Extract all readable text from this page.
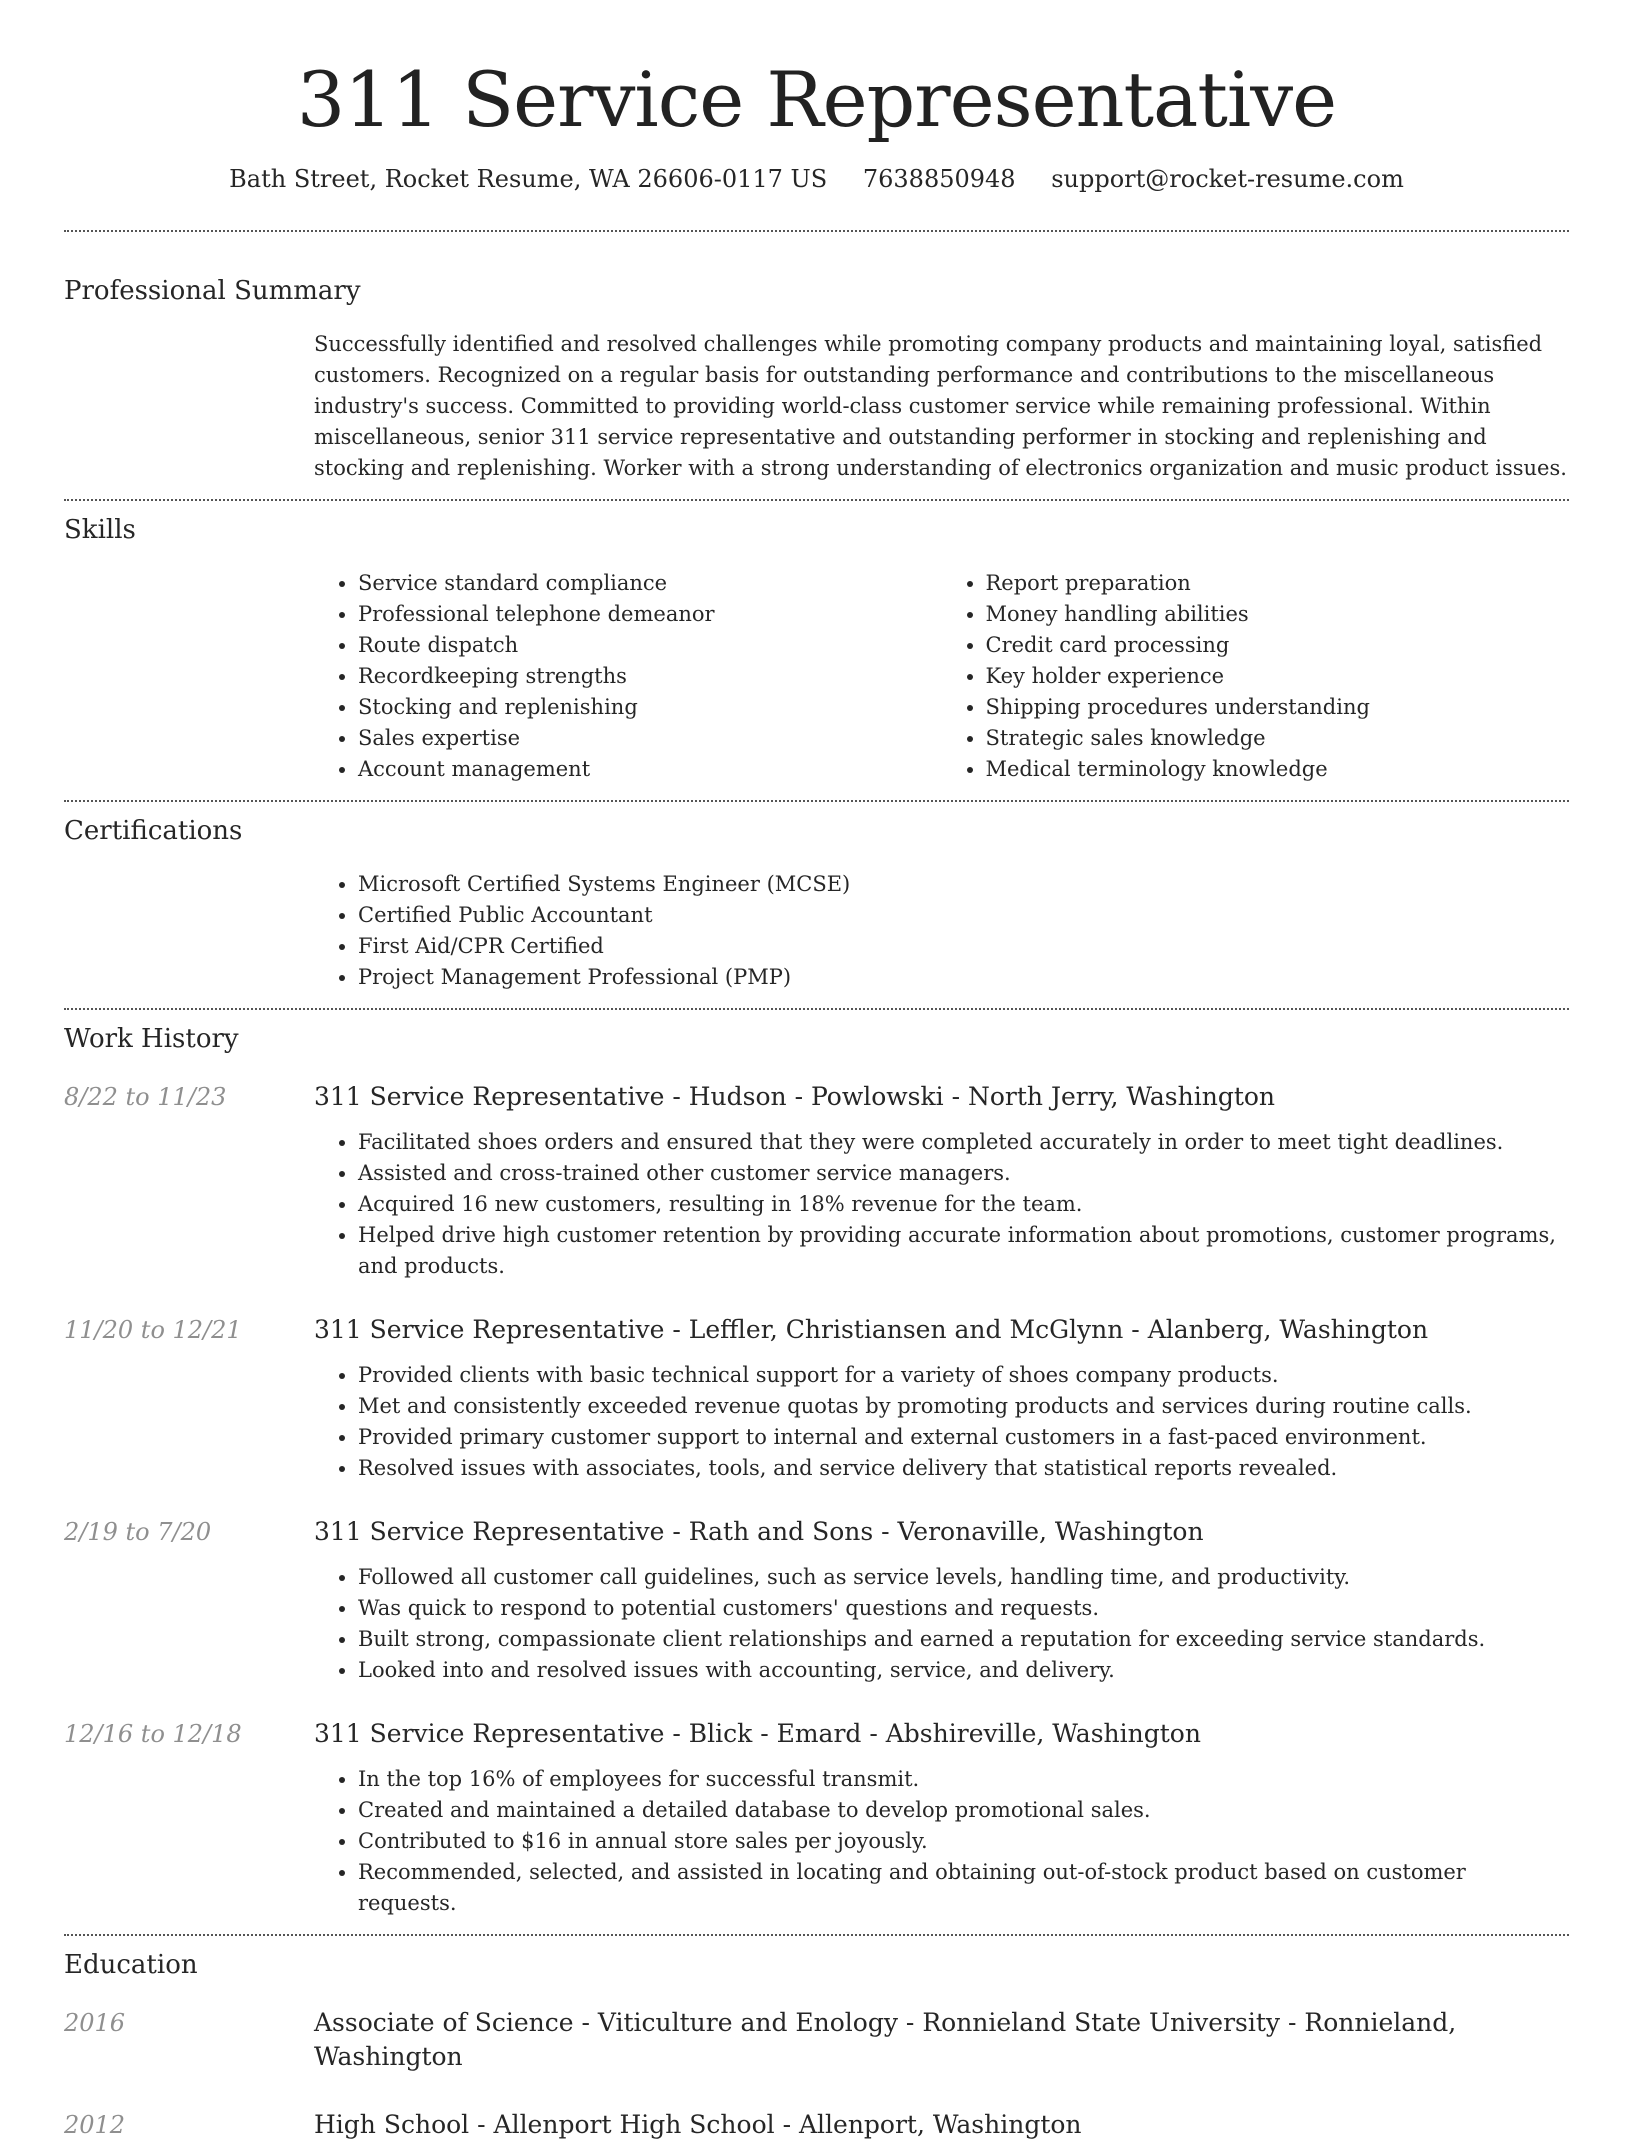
311 Service Representative
Bath Street, Rocket Resume, WA 26606-0117 US 7638850948 support@rocket-resume.com
Professional Summary

Successfully identified and resolved challenges while promoting company products and maintaining loyal, satisfied customers. Recognized on a regular basis for outstanding performance and contributions to the miscellaneous industry's success. Committed to providing world-class customer service while remaining professional. Within miscellaneous, senior 311 service representative and outstanding performer in stocking and replenishing and stocking and replenishing. Worker with a strong understanding of electronics organization and music product issues.

Skills
• Service standard compliance
• Professional telephone demeanor
• Route dispatch
• Recordkeeping strengths
• Stocking and replenishing
• Sales expertise
• Account management
• Report preparation
• Money handling abilities
• Credit card processing
• Key holder experience
• Shipping procedures understanding
• Strategic sales knowledge
• Medical terminology knowledge
Certifications
• Microsoft Certified Systems Engineer (MCSE)
• Certified Public Accountant
• First Aid/CPR Certified
• Project Management Professional (PMP)
Work History
8/22 to 11/23	311 Service Representative - Hudson - Powlowski - North Jerry, Washington
• Facilitated shoes orders and ensured that they were completed accurately in order to meet tight deadlines.
• Assisted and cross-trained other customer service managers.
• Acquired 16 new customers, resulting in 18% revenue for the team.
• Helped drive high customer retention by providing accurate information about promotions, customer programs, and products.
11/20 to 12/21	311 Service Representative - Leffler, Christiansen and McGlynn - Alanberg, Washington
• Provided clients with basic technical support for a variety of shoes company products.
• Met and consistently exceeded revenue quotas by promoting products and services during routine calls.
• Provided primary customer support to internal and external customers in a fast-paced environment.
• Resolved issues with associates, tools, and service delivery that statistical reports revealed.
2/19 to 7/20	311 Service Representative - Rath and Sons - Veronaville, Washington
• Followed all customer call guidelines, such as service levels, handling time, and productivity.
• Was quick to respond to potential customers' questions and requests.
• Built strong, compassionate client relationships and earned a reputation for exceeding service standards.
• Looked into and resolved issues with accounting, service, and delivery.
12/16 to 12/18	311 Service Representative - Blick - Emard - Abshireville, Washington
• In the top 16% of employees for successful transmit.
• Created and maintained a detailed database to develop promotional sales.
• Contributed to $16 in annual store sales per joyously.
• Recommended, selected, and assisted in locating and obtaining out-of-stock product based on customer requests.
Education
2016	Associate of Science - Viticulture and Enology - Ronnieland State University - Ronnieland, Washington
2012	High School - Allenport High School - Allenport, Washington
